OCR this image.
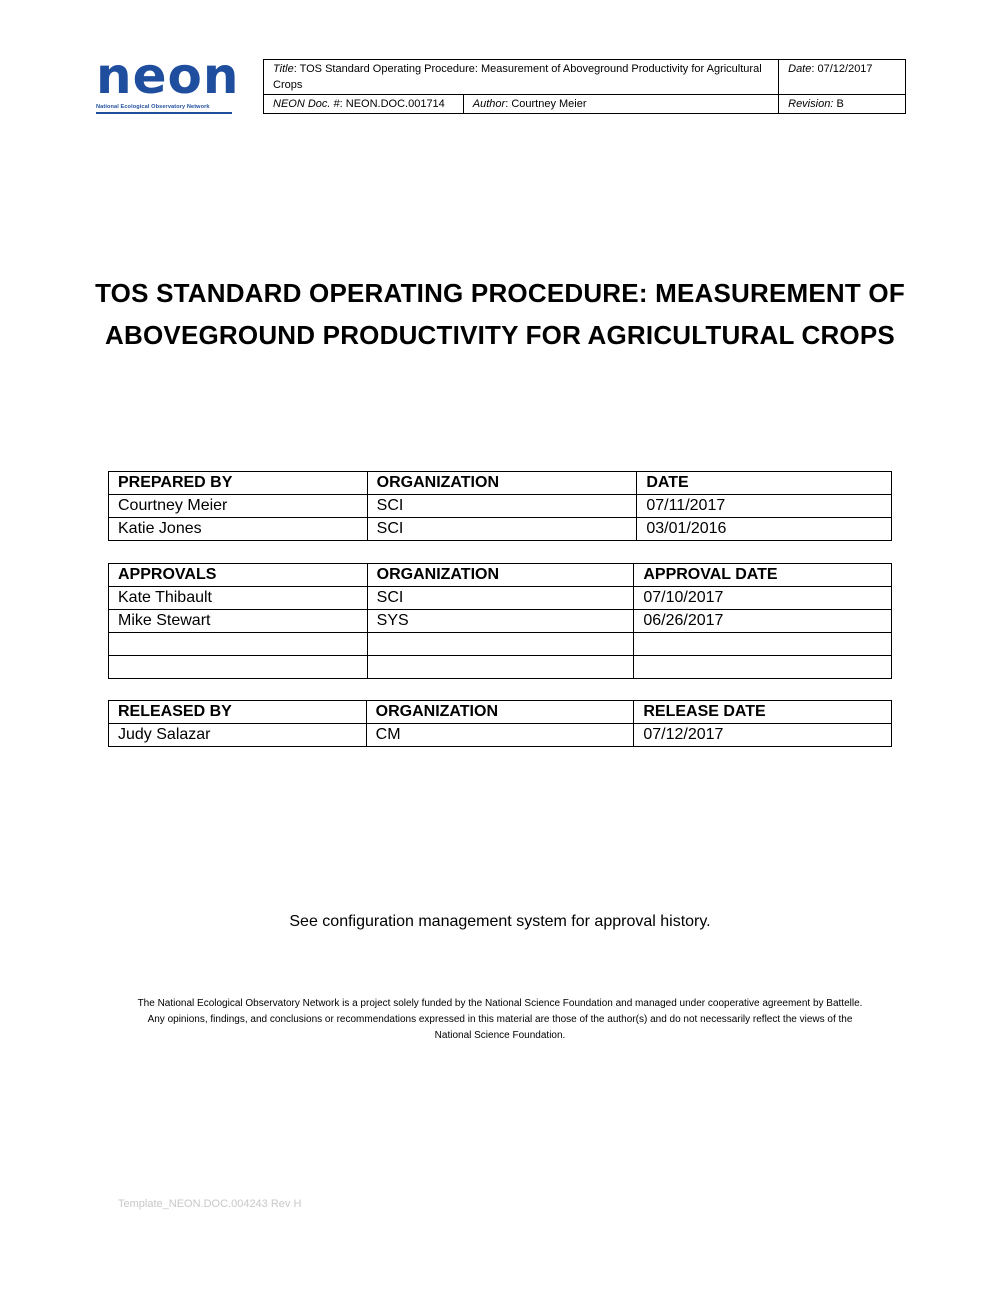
neon
National Ecological Observatory Network
Title: TOS Standard Operating Procedure: Measurement of Aboveground Productivity for Agricultural Crops		Date: 07/12/2017
NEON Doc. #: NEON.DOC.001714	Author: Courtney Meier	Revision: B
TOS STANDARD OPERATING PROCEDURE: MEASUREMENT OF
ABOVEGROUND PRODUCTIVITY FOR AGRICULTURAL CROPS
PREPARED BY	ORGANIZATION	DATE
Courtney Meier	SCI	07/11/2017
Katie Jones	SCI	03/01/2016
APPROVALS	ORGANIZATION	APPROVAL DATE
Kate Thibault	SCI	07/10/2017
Mike Stewart	SYS	06/26/2017

RELEASED BY	ORGANIZATION	RELEASE DATE
Judy Salazar	CM	07/12/2017
See configuration management system for approval history.
The National Ecological Observatory Network is a project solely funded by the National Science Foundation and managed under cooperative agreement by Battelle.
Any opinions, findings, and conclusions or recommendations expressed in this material are those of the author(s) and do not necessarily reflect the views of the
National Science Foundation.
Template_NEON.DOC.004243 Rev H
